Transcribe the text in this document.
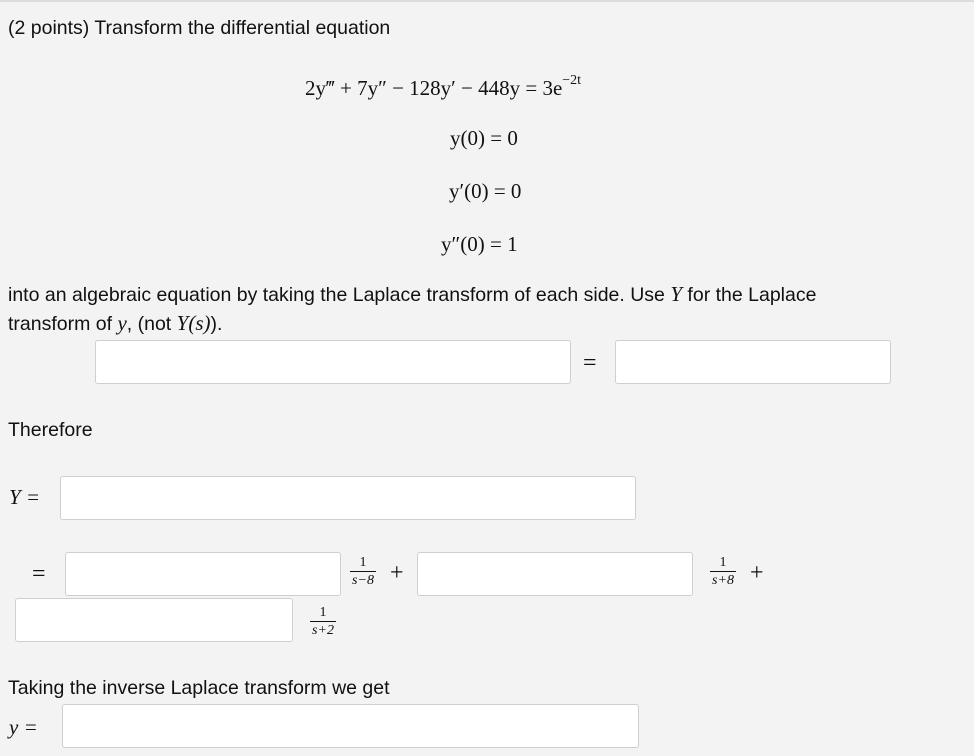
(2 points) Transform the differential equation
2y‴ + $7y'' - 128y' - 448y = 3e^{-2t}$
y(0) = 0
y′(0) = 0
y″(0) = 1
into an algebraic equation by taking the Laplace transform of each side. Use Y for the Laplace
transform of y, (not Y(s)).
=
Therefore
Y =
=	1
s−8 +	1
s+8 +
1
s+2
Taking the inverse Laplace transform we get
y =
